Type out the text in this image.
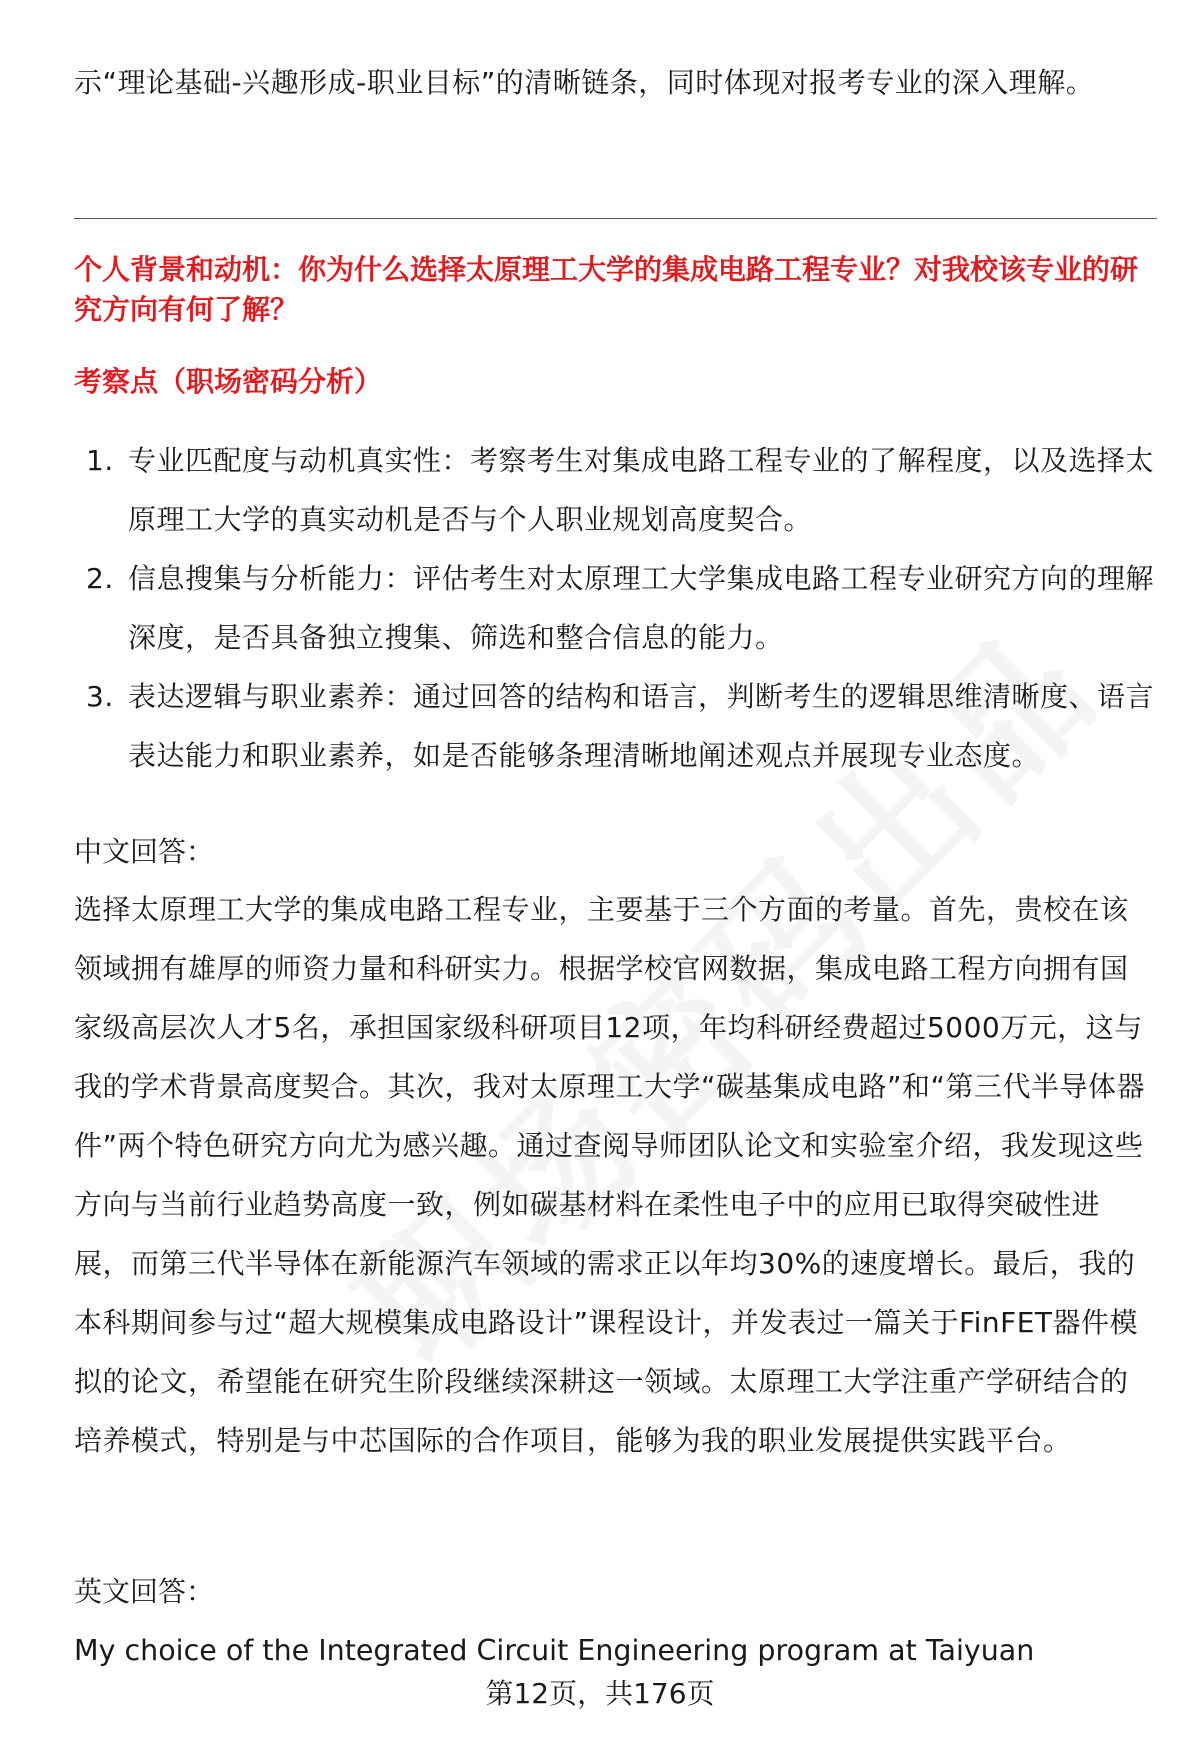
示“理论基础-兴趣形成-职业目标”的清晰链条，同时体现对报考专业的深入理解。

个人背景和动机：你为什么选择太原理工大学的集成电路工程专业？对我校该专业的研究方向有何了解？

考察点（职场密码分析）

1. 专业匹配度与动机真实性：考察考生对集成电路工程专业的了解程度，以及选择太原理工大学的真实动机是否与个人职业规划高度契合。
2. 信息搜集与分析能力：评估考生对太原理工大学集成电路工程专业研究方向的理解深度，是否具备独立搜集、筛选和整合信息的能力。
3. 表达逻辑与职业素养：通过回答的结构和语言，判断考生的逻辑思维清晰度、语言表达能力和职业素养，如是否能够条理清晰地阐述观点并展现专业态度。

中文回答：

选择太原理工大学的集成电路工程专业，主要基于三个方面的考量。首先，贵校在该领域拥有雄厚的师资力量和科研实力。根据学校官网数据，集成电路工程方向拥有国家级高层次人才5名，承担国家级科研项目12项，年均科研经费超过5000万元，这与我的学术背景高度契合。其次，我对太原理工大学“碳基集成电路”和“第三代半导体器件”两个特色研究方向尤为感兴趣。通过查阅导师团队论文和实验室介绍，我发现这些方向与当前行业趋势高度一致，例如碳基材料在柔性电子中的应用已取得突破性进展，而第三代半导体在新能源汽车领域的需求正以年均30%的速度增长。最后，我的本科期间参与过“超大规模集成电路设计”课程设计，并发表过一篇关于FinFET器件模拟的论文，希望能在研究生阶段继续深耕这一领域。太原理工大学注重产学研结合的培养模式，特别是与中芯国际的合作项目，能够为我的职业发展提供实践平台。

英文回答：

My choice of the Integrated Circuit Engineering program at Taiyuan

第12页，共176页
